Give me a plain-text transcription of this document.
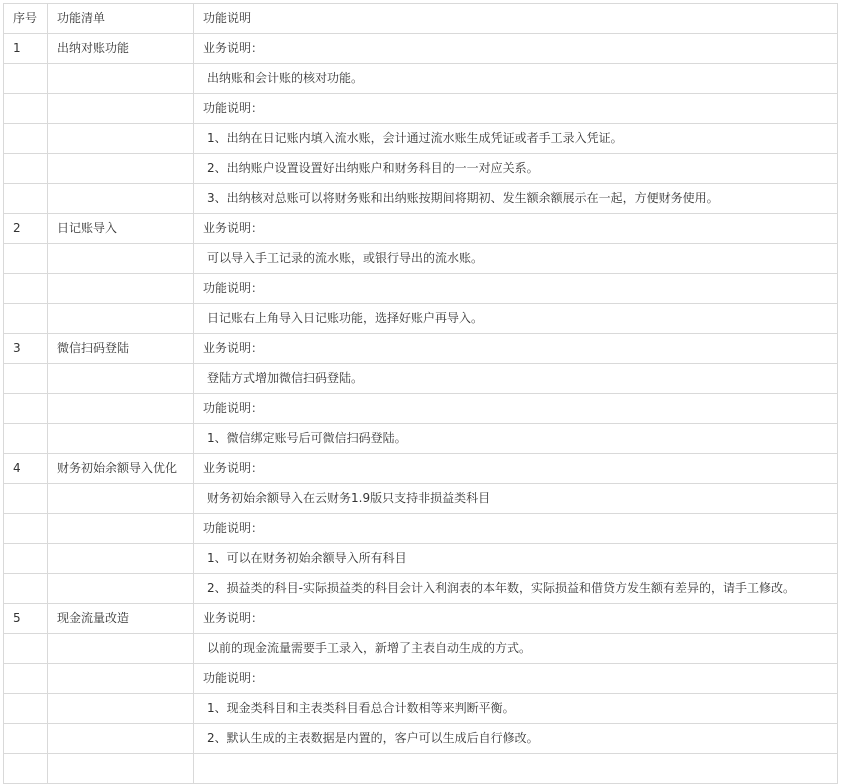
序号	功能清单	功能说明
1	出纳对账功能	业务说明：
		出纳账和会计账的核对功能。
		功能说明：
		1、出纳在日记账内填入流水账，会计通过流水账生成凭证或者手工录入凭证。
		2、出纳账户设置设置好出纳账户和财务科目的一一对应关系。
		3、出纳核对总账可以将财务账和出纳账按期间将期初、发生额余额展示在一起，方便财务使用。
2	日记账导入	业务说明：
		可以导入手工记录的流水账，或银行导出的流水账。
		功能说明：
		日记账右上角导入日记账功能，选择好账户再导入。
3	微信扫码登陆	业务说明：
		登陆方式增加微信扫码登陆。
		功能说明：
		1、微信绑定账号后可微信扫码登陆。
4	财务初始余额导入优化	业务说明：
		财务初始余额导入在云财务1.9版只支持非损益类科目
		功能说明：
		1、可以在财务初始余额导入所有科目
		2、损益类的科目-实际损益类的科目会计入利润表的本年数，实际损益和借贷方发生额有差异的，请手工修改。
5	现金流量改造	业务说明：
		以前的现金流量需要手工录入，新增了主表自动生成的方式。
		功能说明：
		1、现金类科目和主表类科目看总合计数相等来判断平衡。
		2、默认生成的主表数据是内置的，客户可以生成后自行修改。
